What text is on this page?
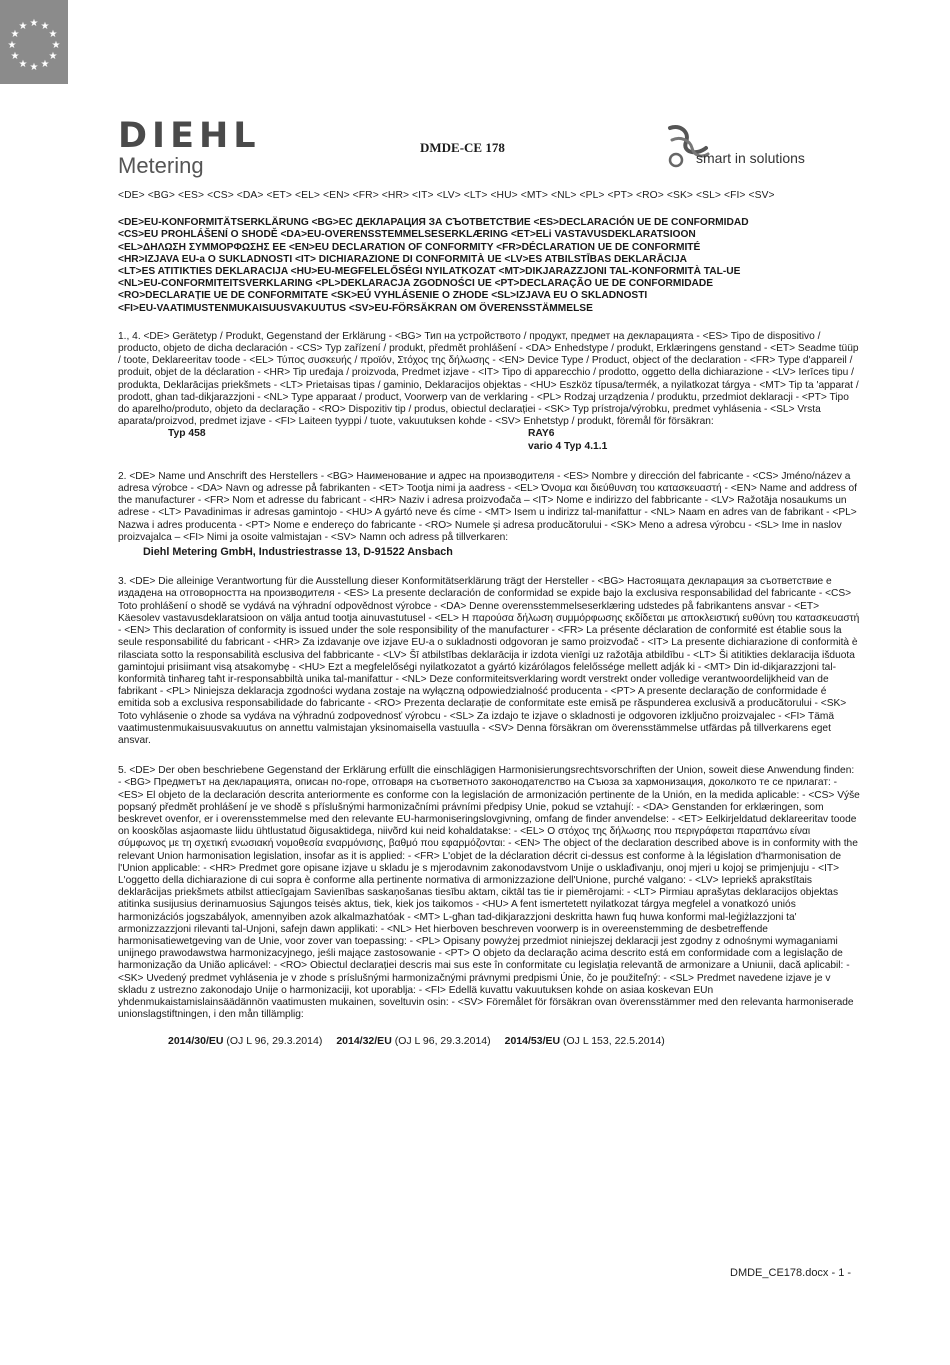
★ ★
★
★
★
★
★
★
★
★
★
★
DIEHL
Metering
DMDE-CE 178
smart in solutions
<DE> <BG> <ES> <CS> <DA> <ET> <EL> <EN> <FR> <HR> <IT> <LV> <LT> <HU> <MT> <NL> <PL> <PT> <RO> <SK> <SL> <FI> <SV>
<DE>EU-KONFORMITÄTSERKLÄRUNG <BG>ЕС ДЕКЛАРАЦИЯ ЗА СЪОТВЕТСТВИЕ <ES>DECLARACIÓN UE DE CONFORMIDAD
<CS>EU PROHLÁŠENÍ O SHODĚ <DA>EU-OVERENSSTEMMELSESERKLÆRING <ET>ELi VASTAVUSDEKLARATSIOON
<EL>ΔΗΛΩΣΗ ΣΥΜΜΟΡΦΩΣΗΣ ΕΕ <EN>EU DECLARATION OF CONFORMITY <FR>DÉCLARATION UE DE CONFORMITÉ
<HR>IZJAVA EU-a O SUKLADNOSTI <IT> DICHIARAZIONE DI CONFORMITÀ UE <LV>ES ATBILSTĪBAS DEKLARĀCIJA
<LT>ES ATITIKTIES DEKLARACIJA <HU>EU-MEGFELELŐSÉGI NYILATKOZAT <MT>DIKJARAZZJONI TAL-KONFORMITÀ TAL-UE
<NL>EU-CONFORMITEITSVERKLARING <PL>DEKLARACJA ZGODNOŚCI UE <PT>DECLARAÇÃO UE DE CONFORMIDADE
<RO>DECLARAȚIE UE DE CONFORMITATE <SK>EÚ VYHLÁSENIE O ZHODE <SL>IZJAVA EU O SKLADNOSTI
<FI>EU-VAATIMUSTENMUKAISUUSVAKUUTUS <SV>EU-FÖRSÄKRAN OM ÖVERENSSTÄMMELSE
1., 4. <DE> Gerätetyp / Produkt, Gegenstand der Erklärung - <BG> Тип на устройството / продукт, предмет на декларацията - <ES> Tipo de dispositivo / producto, objeto de dicha declaración - <CS> Typ zařízení / produkt, předmět prohlášení - <DA> Enhedstype / produkt, Erklæringens genstand - <ET> Seadme tüüp / toote, Deklareeritav toode - <EL> Τύπος συσκευής / προϊόν, Στόχος της δήλωσης - <EN> Device Type / Product, object of the declaration - <FR> Type d'appareil / produit, objet de la déclaration - <HR> Tip uređaja / proizvoda, Predmet izjave - <IT> Tipo di apparecchio / prodotto, oggetto della dichiarazione - <LV> Ierīces tipu / produkta, Deklarācijas priekšmets - <LT> Prietaisas tipas / gaminio, Deklaracijos objektas - <HU> Eszköz típusa/termék, a nyilatkozat tárgya - <MT> Tip ta 'apparat / prodott, ghan tad-dikjarazzjoni - <NL> Type apparaat / product, Voorwerp van de verklaring - <PL> Rodzaj urządzenia / produktu, przedmiot deklaracji - <PT> Tipo do aparelho/produto, objeto da declaração - <RO> Dispozitiv tip / produs, obiectul declarației - <SK> Typ prístroja/výrobku, predmet vyhlásenia - <SL> Vrsta aparata/proizvod, predmet izjave - <FI> Laiteen tyyppi / tuote, vakuutuksen kohde - <SV> Enhetstyp / produkt, föremål för försäkran:
Typ 458	RAY6
vario 4 Typ 4.1.1
2. <DE> Name und Anschrift des Herstellers - <BG> Наименование и адрес на производителя - <ES> Nombre y dirección del fabricante - <CS> Jméno/název a adresa výrobce - <DA> Navn og adresse på fabrikanten - <ET> Tootja nimi ja aadress - <EL> Όνομα και διεύθυνση του κατασκευαστή - <EN> Name and address of the manufacturer - <FR> Nom et adresse du fabricant - <HR> Naziv i adresa proizvođača – <IT> Nome e indirizzo del fabbricante - <LV> Ražotāja nosaukums un adrese - <LT> Pavadinimas ir adresas gamintojo - <HU> A gyártó neve és címe - <MT> Isem u indirizz tal-manifattur - <NL> Naam en adres van de fabrikant - <PL> Nazwa i adres producenta - <PT> Nome e endereço do fabricante - <RO> Numele și adresa producătorului - <SK> Meno a adresa výrobcu - <SL> Ime in naslov proizvajalca – <FI> Nimi ja osoite valmistajan - <SV> Namn och adress på tillverkaren:
Diehl Metering GmbH, Industriestrasse 13, D-91522 Ansbach
3. <DE> Die alleinige Verantwortung für die Ausstellung dieser Konformitätserklärung trägt der Hersteller - <BG> Настоящата декларация за съответствие е издадена на отговорността на производителя - <ES> La presente declaración de conformidad se expide bajo la exclusiva responsabilidad del fabricante - <CS> Toto prohlášení o shodě se vydává na výhradní odpovědnost výrobce - <DA> Denne overensstemmelseserklæring udstedes på fabrikantens ansvar - <ET> Käesolev vastavusdeklaratsioon on välja antud tootja ainuvastutusel - <EL> Η παρούσα δήλωση συμμόρφωσης εκδίδεται με αποκλειστική ευθύνη του κατασκευαστή - <EN> This declaration of conformity is issued under the sole responsibility of the manufacturer - <FR> La présente déclaration de conformité est établie sous la seule responsabilité du fabricant - <HR> Za izdavanje ove izjave EU-a o sukladnosti odgovoran je samo proizvođač - <IT> La presente dichiarazione di conformità è rilasciata sotto la responsabilità esclusiva del fabbricante - <LV> Šī atbilstības deklarācija ir izdota vienīgi uz ražotāja atbildību - <LT> Ši atitikties deklaracija išduota gamintojui prisiimant visą atsakomybę - <HU> Ezt a megfelelőségi nyilatkozatot a gyártó kizárólagos felelőssége mellett adják ki - <MT> Din id-dikjarazzjoni tal-konformità tinħareg taħt ir-responsabbiltà unika tal-manifattur - <NL> Deze conformiteitsverklaring wordt verstrekt onder volledige verantwoordelijkheid van de fabrikant - <PL> Niniejsza deklaracja zgodności wydana zostaje na wyłączną odpowiedzialność producenta - <PT> A presente declaração de conformidade é emitida sob a exclusiva responsabilidade do fabricante - <RO> Prezenta declarație de conformitate este emisă pe răspunderea exclusivă a producătorului - <SK> Toto vyhlásenie o zhode sa vydáva na výhradnú zodpovednosť výrobcu - <SL> Za izdajo te izjave o skladnosti je odgovoren izključno proizvajalec - <FI> Tämä vaatimustenmukaisuusvakuutus on annettu valmistajan yksinomaisella vastuulla - <SV> Denna försäkran om överensstämmelse utfärdas på tillverkarens eget ansvar.
5. <DE> Der oben beschriebene Gegenstand der Erklärung erfüllt die einschlägigen Harmonisierungsrechtsvorschriften der Union, soweit diese Anwendung finden: - <BG> Предметът на декларацията, описан по-горе, отговаря на съответното законодателство на Съюза за хармонизация, доколкото те се прилагат: - <ES> El objeto de la declaración descrita anteriormente es conforme con la legislación de armonización pertinente de la Unión, en la medida aplicable: - <CS> Výše popsaný předmět prohlášení je ve shodě s příslušnými harmonizačními právními předpisy Unie, pokud se vztahují: - <DA> Genstanden for erklæringen, som beskrevet ovenfor, er i overensstemmelse med den relevante EU-harmoniseringslovgivning, omfang de finder anvendelse: - <ET> Eelkirjeldatud deklareeritav toode on kooskõlas asjaomaste liidu ühtlustatud õigusaktidega, niivõrd kui neid kohaldatakse: - <EL> Ο στόχος της δήλωσης που περιγράφεται παραπάνω είναι σύμφωνος με τη σχετική ενωσιακή νομοθεσία εναρμόνισης, βαθμό που εφαρμόζονται: - <EN> The object of the declaration described above is in conformity with the relevant Union harmonisation legislation, insofar as it is applied: - <FR> L'objet de la déclaration décrit ci-dessus est conforme à la législation d'harmonisation de l'Union applicable: - <HR> Predmet gore opisane izjave u skladu je s mjerodavnim zakonodavstvom Unije o usklađivanju, onoj mjeri u kojoj se primjenjuju - <IT> L'oggetto della dichiarazione di cui sopra è conforme alla pertinente normativa di armonizzazione dell'Unione, purché valgano: - <LV> Iepriekš aprakstītais deklarācijas priekšmets atbilst attiecīgajam Savienības saskaņošanas tiesību aktam, ciktāl tas tie ir piemērojami: - <LT> Pirmiau aprašytas deklaracijos objektas atitinka susijusius derinamuosius Sąjungos teisės aktus, tiek, kiek jos taikomos - <HU> A fent ismertetett nyilatkozat tárgya megfelel a vonatkozó uniós harmonizációs jogszabályok, amennyiben azok alkalmazhatóak - <MT> L-għan tad-dikjarazzjoni deskritta hawn fuq huwa konformi mal-leġiżlazzjoni ta' armonizzazzjoni rilevanti tal-Unjoni, safejn dawn applikati: - <NL> Het hierboven beschreven voorwerp is in overeenstemming de desbetreffende harmonisatiewetgeving van de Unie, voor zover van toepassing: - <PL> Opisany powyżej przedmiot niniejszej deklaracji jest zgodny z odnośnymi wymaganiami unijnego prawodawstwa harmonizacyjnego, jeśli mające zastosowanie - <PT> O objeto da declaração acima descrito está em conformidade com a legislação de harmonização da União aplicável: - <RO> Obiectul declarației descris mai sus este în conformitate cu legislația relevantă de armonizare a Uniunii, dacă aplicabil: - <SK> Uvedený predmet vyhlásenia je v zhode s príslušnými harmonizačnými právnymi predpismi Únie, čo je použiteľný: - <SL> Predmet navedene izjave je v skladu z ustrezno zakonodajo Unije o harmonizaciji, kot uporablja: - <FI> Edellä kuvattu vakuutuksen kohde on asiaa koskevan EUn yhdenmukaistamislainsäädännön vaatimusten mukainen, soveltuvin osin: - <SV> Föremålet för försäkran ovan överensstämmer med den relevanta harmoniserade unionslagstiftningen, i den mån tillämplig:
2014/30/EU (OJ L 96, 29.3.2014) 2014/32/EU (OJ L 96, 29.3.2014) 2014/53/EU (OJ L 153, 22.5.2014)
DMDE_CE178.docx - 1 -
